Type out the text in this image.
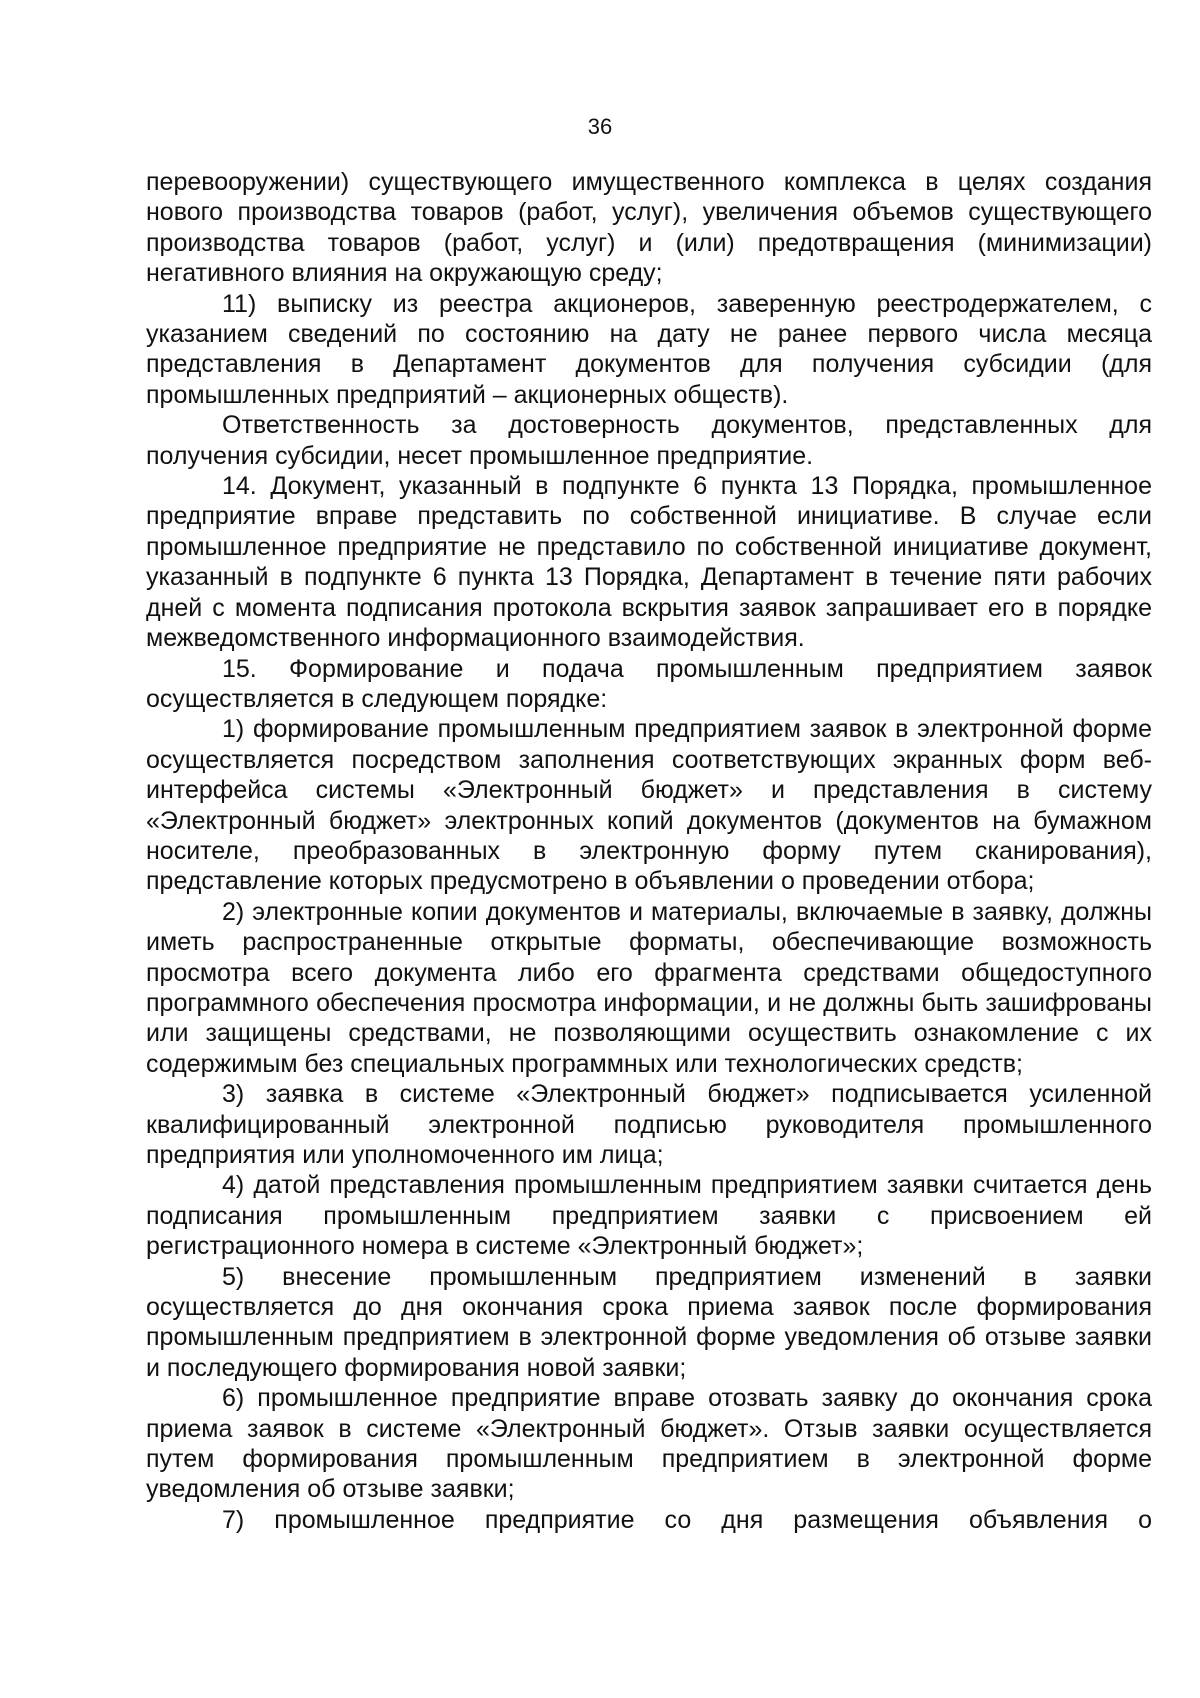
36

перевооружении) существующего имущественного комплекса в целях создания нового производства товаров (работ, услуг), увеличения объемов существующего производства товаров (работ, услуг) и (или) предотвращения (минимизации) негативного влияния на окружающую среду;

11) выписку из реестра акционеров, заверенную реестродержателем, с указанием сведений по состоянию на дату не ранее первого числа месяца представления в Департамент документов для получения субсидии (для промышленных предприятий – акционерных обществ).

Ответственность за достоверность документов, представленных для получения субсидии, несет промышленное предприятие.

14. Документ, указанный в подпункте 6 пункта 13 Порядка, промышленное предприятие вправе представить по собственной инициативе. В случае если промышленное предприятие не представило по собственной инициативе документ, указанный в подпункте 6 пункта 13 Порядка, Департамент в течение пяти рабочих дней с момента подписания протокола вскрытия заявок запрашивает его в порядке межведомственного информационного взаимодействия.

15. Формирование и подача промышленным предприятием заявок осуществляется в следующем порядке:

1) формирование промышленным предприятием заявок в электронной форме осуществляется посредством заполнения соответствующих экранных форм веб-интерфейса системы «Электронный бюджет» и представления в систему «Электронный бюджет» электронных копий документов (документов на бумажном носителе, преобразованных в электронную форму путем сканирования), представление которых предусмотрено в объявлении о проведении отбора;

2) электронные копии документов и материалы, включаемые в заявку, должны иметь распространенные открытые форматы, обеспечивающие возможность просмотра всего документа либо его фрагмента средствами общедоступного программного обеспечения просмотра информации, и не должны быть зашифрованы или защищены средствами, не позволяющими осуществить ознакомление с их содержимым без специальных программных или технологических средств;

3) заявка в системе «Электронный бюджет» подписывается усиленной квалифицированный электронной подписью руководителя промышленного предприятия или уполномоченного им лица;

4) датой представления промышленным предприятием заявки считается день подписания промышленным предприятием заявки с присвоением ей регистрационного номера в системе «Электронный бюджет»;

5) внесение промышленным предприятием изменений в заявки осуществляется до дня окончания срока приема заявок после формирования промышленным предприятием в электронной форме уведомления об отзыве заявки и последующего формирования новой заявки;

6) промышленное предприятие вправе отозвать заявку до окончания срока приема заявок в системе «Электронный бюджет». Отзыв заявки осуществляется путем формирования промышленным предприятием в электронной форме уведомления об отзыве заявки;

7) промышленное предприятие со дня размещения объявления о
